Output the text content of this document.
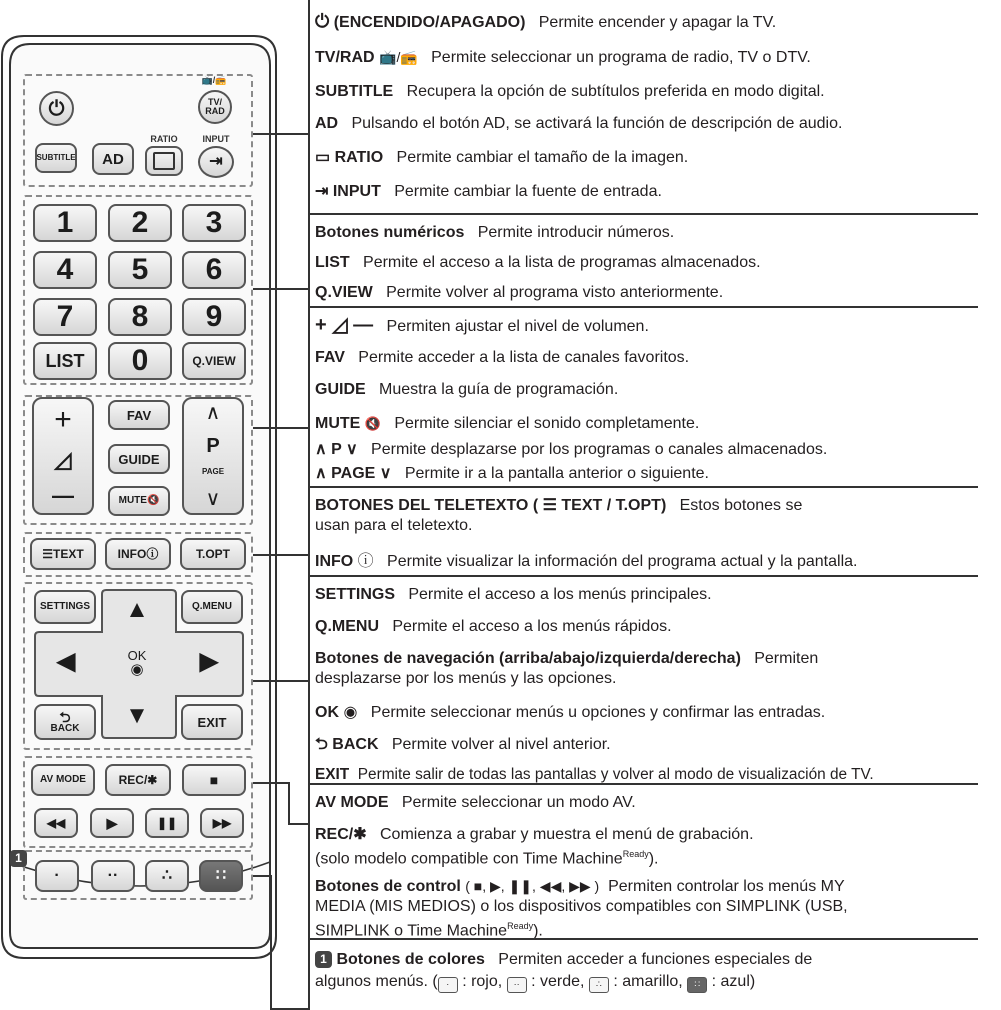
⏻
📺/📻
TV/
RAD
SUBTITLE	AD
RATIO	INPUT
⇥
1	2	3
4	5	6
7	8	9
LIST	0	Q.VIEW
+
◿
—
FAV
GUIDE
MUTE🔇
∧
P
PAGE
∨
☰ TEXT	INFO ⓘ	T.OPT
SETTINGS	Q.MENU
▲
◀	OK
◉ ▶
▼
⮌
BACK	EXIT
AV MODE	REC/✱	■
◀◀	▶	❚❚	▶▶
1
·	··	∴	∷
⏻ (ENCENDIDO/APAGADO) Permite encender y apagar la TV.
TV/RAD 📺/📻 Permite seleccionar un programa de radio, TV o DTV.
SUBTITLE Recupera la opción de subtítulos preferida en modo digital.
AD Pulsando el botón AD, se activará la función de descripción de audio.
▭ RATIO Permite cambiar el tamaño de la imagen.
⇥ INPUT Permite cambiar la fuente de entrada.
Botones numéricos Permite introducir números.
LIST Permite el acceso a la lista de programas almacenados.
Q.VIEW Permite volver al programa visto anteriormente.
+ ◿ — Permiten ajustar el nivel de volumen.
FAV Permite acceder a la lista de canales favoritos.
GUIDE Muestra la guía de programación.
MUTE 🔇 Permite silenciar el sonido completamente.
∧ P ∨ Permite desplazarse por los programas o canales almacenados.
∧ PAGE ∨ Permite ir a la pantalla anterior o siguiente.
BOTONES DEL TELETEXTO ( ☰ TEXT / T.OPT) Estos botones se
usan para el teletexto.
INFO ⓘ Permite visualizar la información del programa actual y la pantalla.
SETTINGS Permite el acceso a los menús principales.
Q.MENU Permite el acceso a los menús rápidos.
Botones de navegación (arriba/abajo/izquierda/derecha) Permiten
desplazarse por los menús y las opciones.
OK ◉ Permite seleccionar menús u opciones y confirmar las entradas.
⮌ BACK Permite volver al nivel anterior.
EXIT Permite salir de todas las pantallas y volver al modo de visualización de TV.
AV MODE Permite seleccionar un modo AV.
REC/✱ Comienza a grabar y muestra el menú de grabación.
(solo modelo compatible con Time Machine$^{Ready}$).
Botones de control ( ■, ▶, ❚❚, ◀◀, ▶▶ ) Permiten controlar los menús MY
MEDIA (MIS MEDIOS) o los dispositivos compatibles con SIMPLINK (USB,
SIMPLINK o Time Machine$^{Ready}$).
1 Botones de colores Permiten acceder a funciones especiales de
algunos menús. ( · : rojo, ·· : verde, ∴ : amarillo, ∷ : azul)
